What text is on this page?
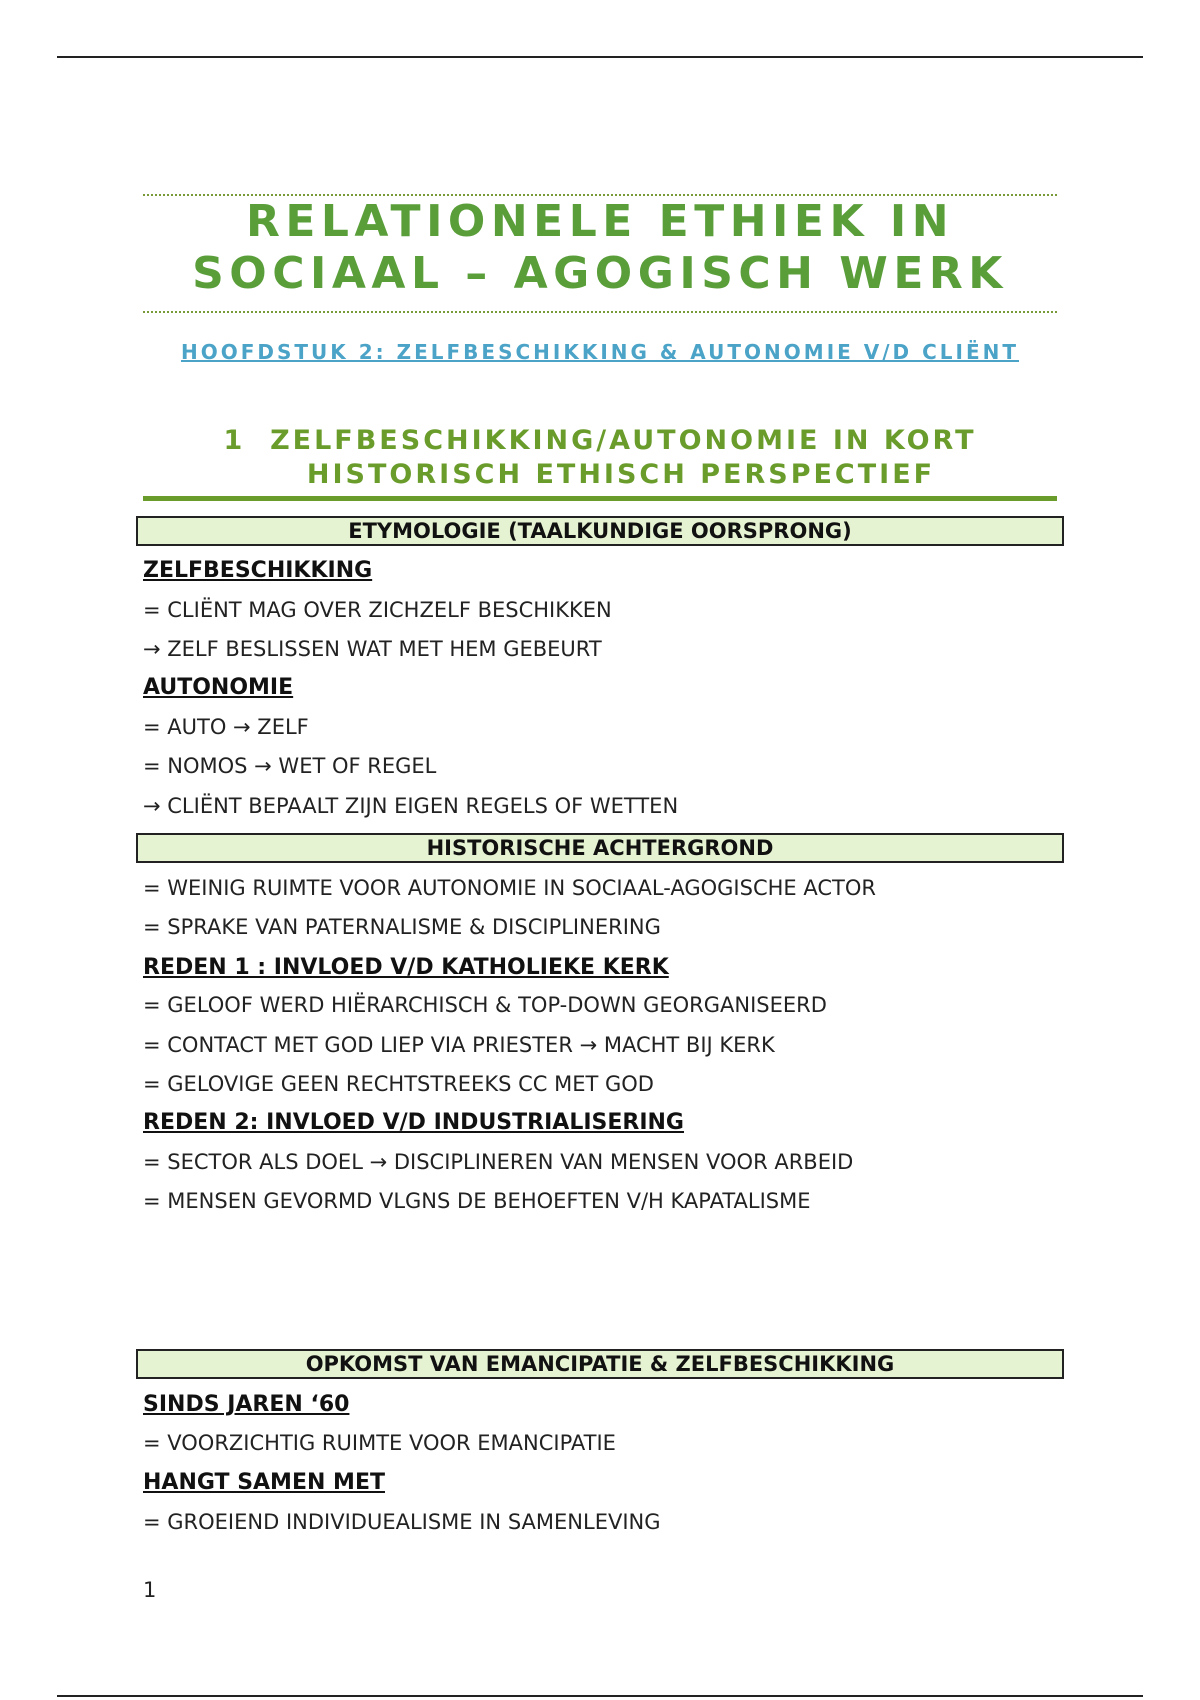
RELATIONELE ETHIEK IN
SOCIAAL – AGOGISCH WERK
HOOFDSTUK 2: ZELFBESCHIKKING & AUTONOMIE V/D CLIËNT
1 ZELFBESCHIKKING/AUTONOMIE IN KORT
HISTORISCH ETHISCH PERSPECTIEF
ETYMOLOGIE (TAALKUNDIGE OORSPRONG)
ZELFBESCHIKKING
= CLIËNT MAG OVER ZICHZELF BESCHIKKEN
→ ZELF BESLISSEN WAT MET HEM GEBEURT
AUTONOMIE
= AUTO → ZELF
= NOMOS → WET OF REGEL
→ CLIËNT BEPAALT ZIJN EIGEN REGELS OF WETTEN
HISTORISCHE ACHTERGROND
= WEINIG RUIMTE VOOR AUTONOMIE IN SOCIAAL-AGOGISCHE ACTOR
= SPRAKE VAN PATERNALISME & DISCIPLINERING
REDEN 1 : INVLOED V/D KATHOLIEKE KERK
= GELOOF WERD HIËRARCHISCH & TOP-DOWN GEORGANISEERD
= CONTACT MET GOD LIEP VIA PRIESTER → MACHT BIJ KERK
= GELOVIGE GEEN RECHTSTREEKS CC MET GOD
REDEN 2: INVLOED V/D INDUSTRIALISERING
= SECTOR ALS DOEL → DISCIPLINEREN VAN MENSEN VOOR ARBEID
= MENSEN GEVORMD VLGNS DE BEHOEFTEN V/H KAPATALISME
OPKOMST VAN EMANCIPATIE & ZELFBESCHIKKING
SINDS JAREN ‘60
= VOORZICHTIG RUIMTE VOOR EMANCIPATIE
HANGT SAMEN MET
= GROEIEND INDIVIDUEALISME IN SAMENLEVING
1
